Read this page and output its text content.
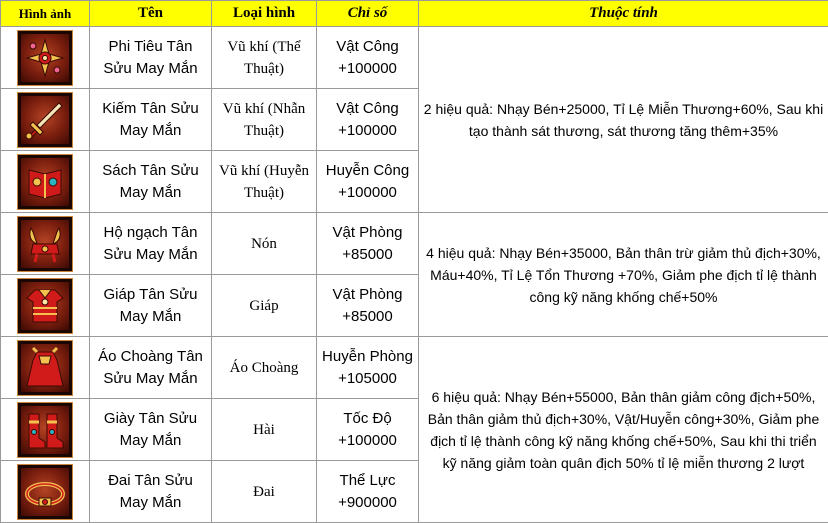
Hình ảnh	Tên	Loại hình	Chỉ số	Thuộc tính

	Phi Tiêu Tân Sửu May Mắn	Vũ khí (Thể Thuật)	Vật Công +100000	2 hiệu quả: Nhạy Bén+25000, Tỉ Lệ Miễn Thương+60%, Sau khi tạo thành sát thương, sát thương tăng thêm+35%

	Kiếm Tân Sửu May Mắn	Vũ khí (Nhẫn Thuật)	Vật Công +100000	

	Sách Tân Sửu May Mắn	Vũ khí (Huyễn Thuật)	Huyễn Công +100000	

	Hộ ngạch Tân Sửu May Mắn	Nón	Vật Phòng +85000	4 hiệu quả: Nhạy Bén+35000, Bản thân trừ giảm thủ địch+30%, Máu+40%, Tỉ Lệ Tổn Thương +70%, Giảm phe địch tỉ lệ thành công kỹ năng khống chế+50%

	Giáp Tân Sửu May Mắn	Giáp	Vật Phòng +85000	

	Áo Choàng Tân Sửu May Mắn	Áo Choàng	Huyễn Phòng +105000	6 hiệu quả: Nhạy Bén+55000, Bản thân giảm công địch+50%, Bản thân giảm thủ địch+30%, Vật/Huyễn công+30%, Giảm phe địch tỉ lệ thành công kỹ năng khống chế+50%, Sau khi thi triển kỹ năng giảm toàn quân địch 50% tỉ lệ miễn thương 2 lượt

	Giày Tân Sửu May Mắn	Hài	Tốc Độ +100000	

	Đai Tân Sửu May Mắn	Đai	Thể Lực +900000	
